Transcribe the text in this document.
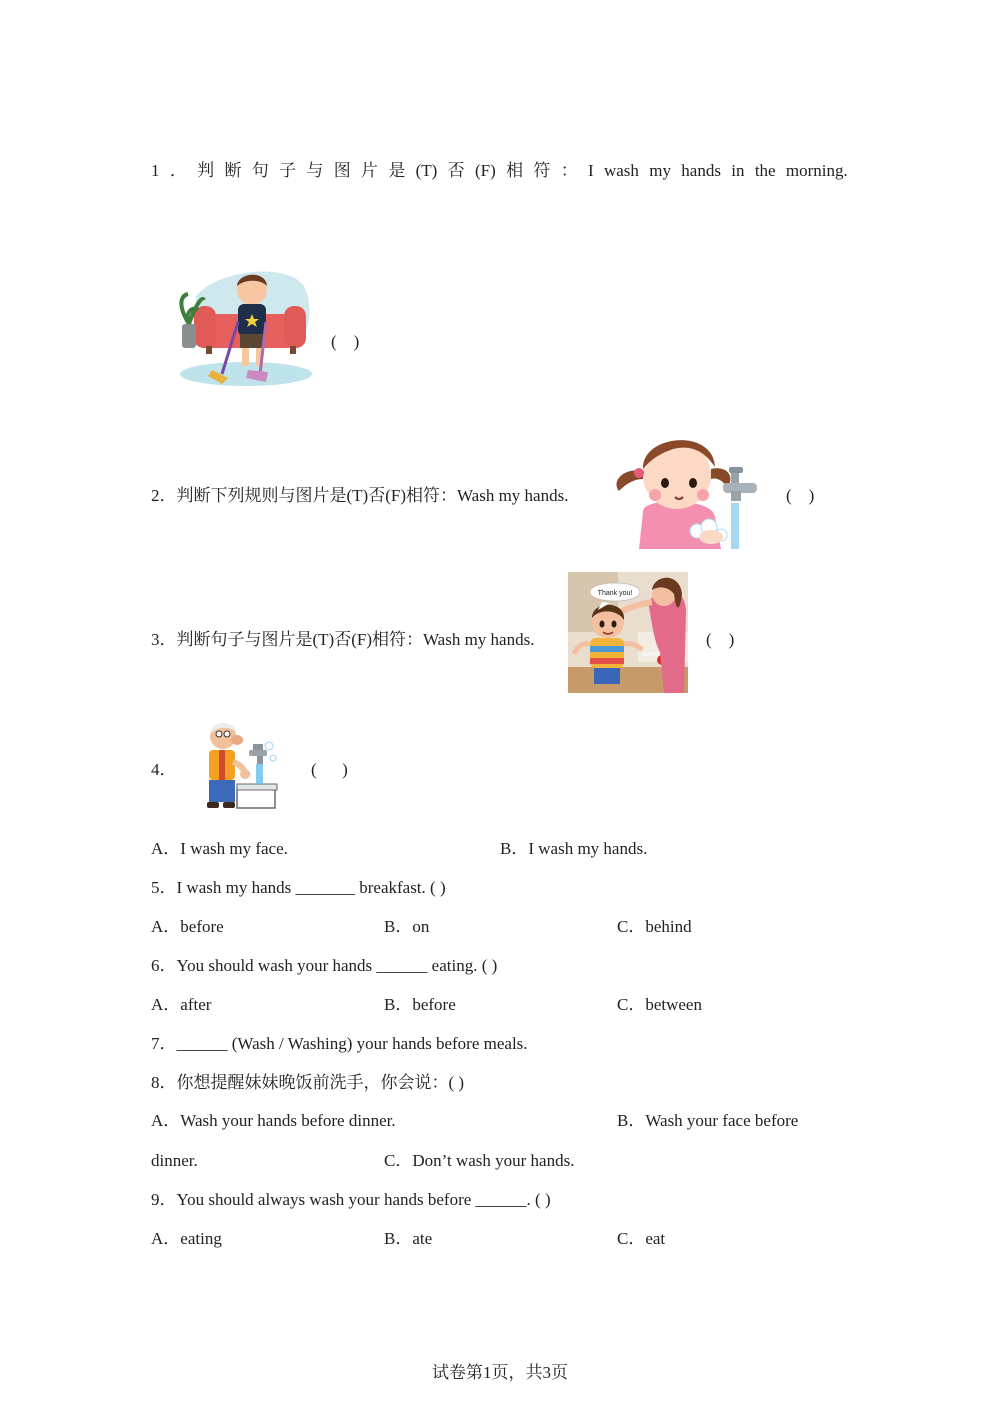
1 ． 判 断 句 子 与 图 片 是 (T) 否 (F) 相 符 ： I wash my hands in the morning.
(    )
2．判断下列规则与图片是(T)否(F)相符：Wash my hands.	(    )
3．判断句子与图片是(T)否(F)相符：Wash my hands.
Thank you!
(    )
4．	(      )
A．I wash my face.	B．I wash my hands.
5．I wash my hands _______ breakfast. ( )
A．before	B．on	C．behind
6．You should wash your hands ______ eating. ( )
A．after	B．before	C．between
7．______ (Wash / Washing) your hands before meals.
8．你想提醒妹妹晚饭前洗手，你会说：( )
A．Wash your hands before dinner.	B．Wash your face before
dinner.	C．Don’t wash your hands.
9．You should always wash your hands before ______. ( )
A．eating	B．ate	C．eat
试卷第1页，共3页
